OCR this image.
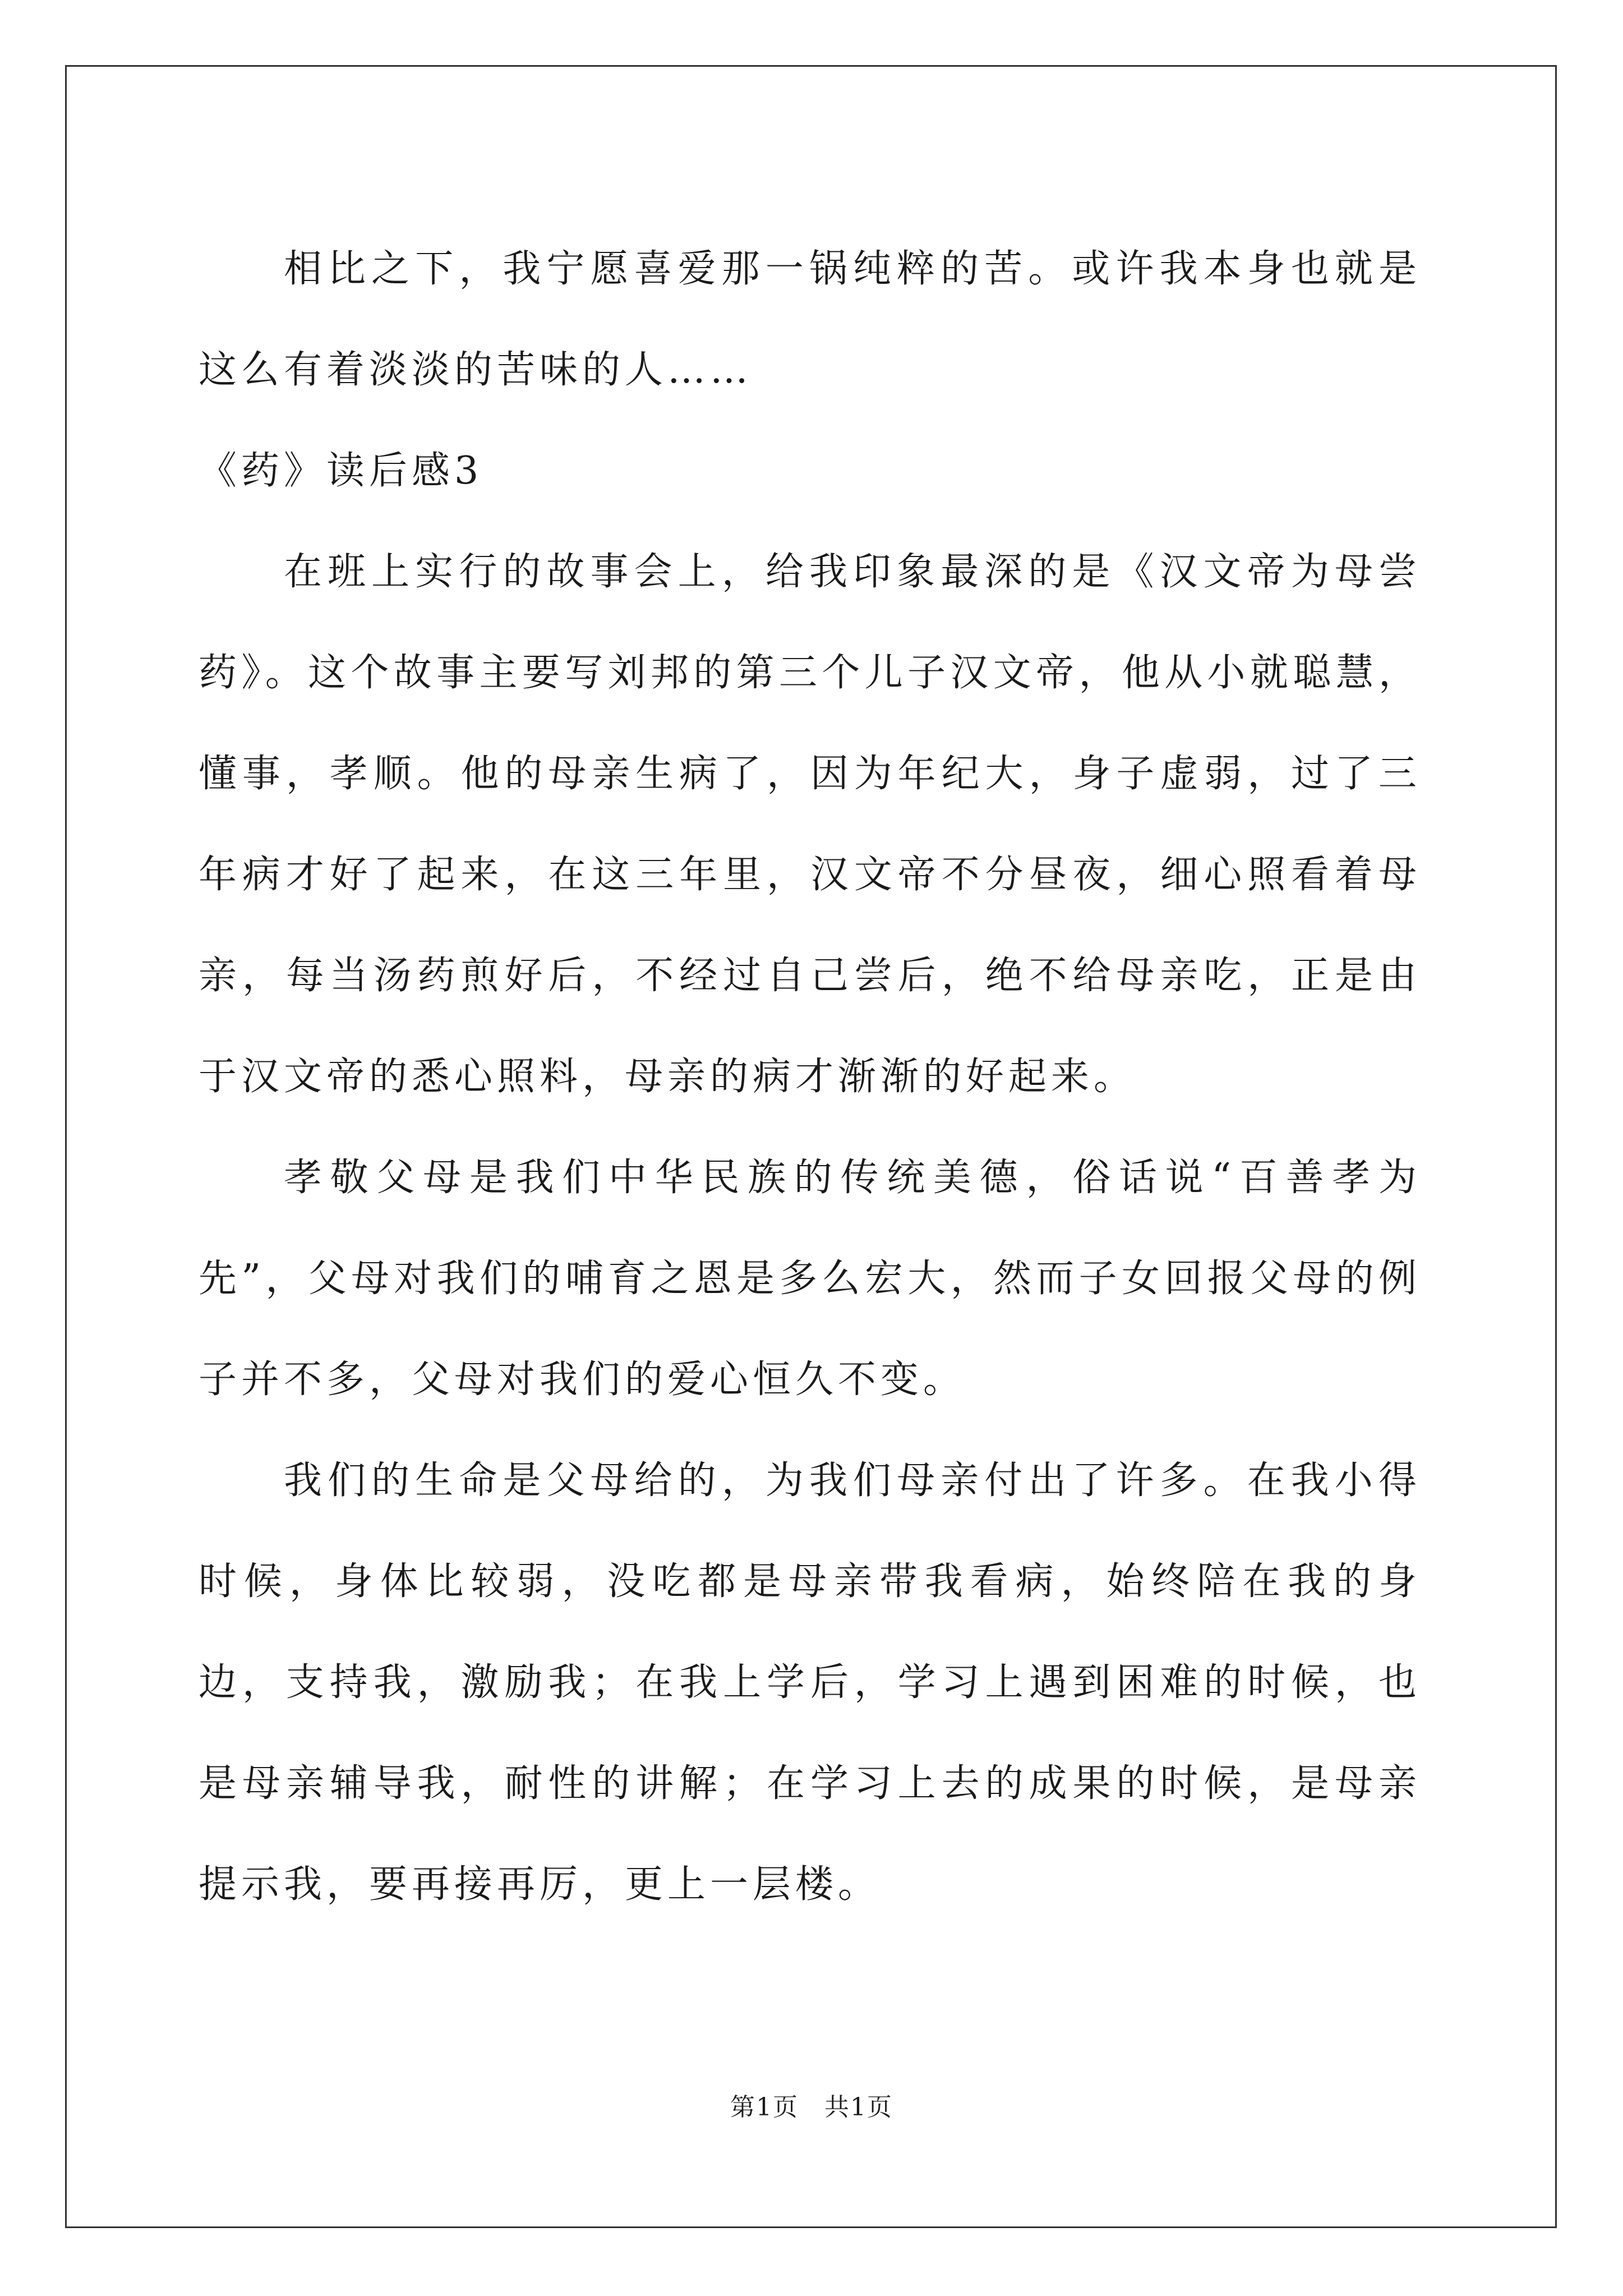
相比之下，我宁愿喜爱那一锅纯粹的苦。或许我本身也就是这么有着淡淡的苦味的人……

《药》读后感3

在班上实行的故事会上，给我印象最深的是《汉文帝为母尝药》。这个故事主要写刘邦的第三个儿子汉文帝，他从小就聪慧，懂事，孝顺。他的母亲生病了，因为年纪大，身子虚弱，过了三年病才好了起来，在这三年里，汉文帝不分昼夜，细心照看着母亲，每当汤药煎好后，不经过自己尝后，绝不给母亲吃，正是由于汉文帝的悉心照料，母亲的病才渐渐的好起来。

孝敬父母是我们中华民族的传统美德，俗话说“百善孝为先”，父母对我们的哺育之恩是多么宏大，然而子女回报父母的例子并不多，父母对我们的爱心恒久不变。

我们的生命是父母给的，为我们母亲付出了许多。在我小得时候，身体比较弱，没吃都是母亲带我看病，始终陪在我的身边，支持我，激励我；在我上学后，学习上遇到困难的时候，也是母亲辅导我，耐性的讲解；在学习上去的成果的时候，是母亲提示我，要再接再厉，更上一层楼。

第1页　共1页
